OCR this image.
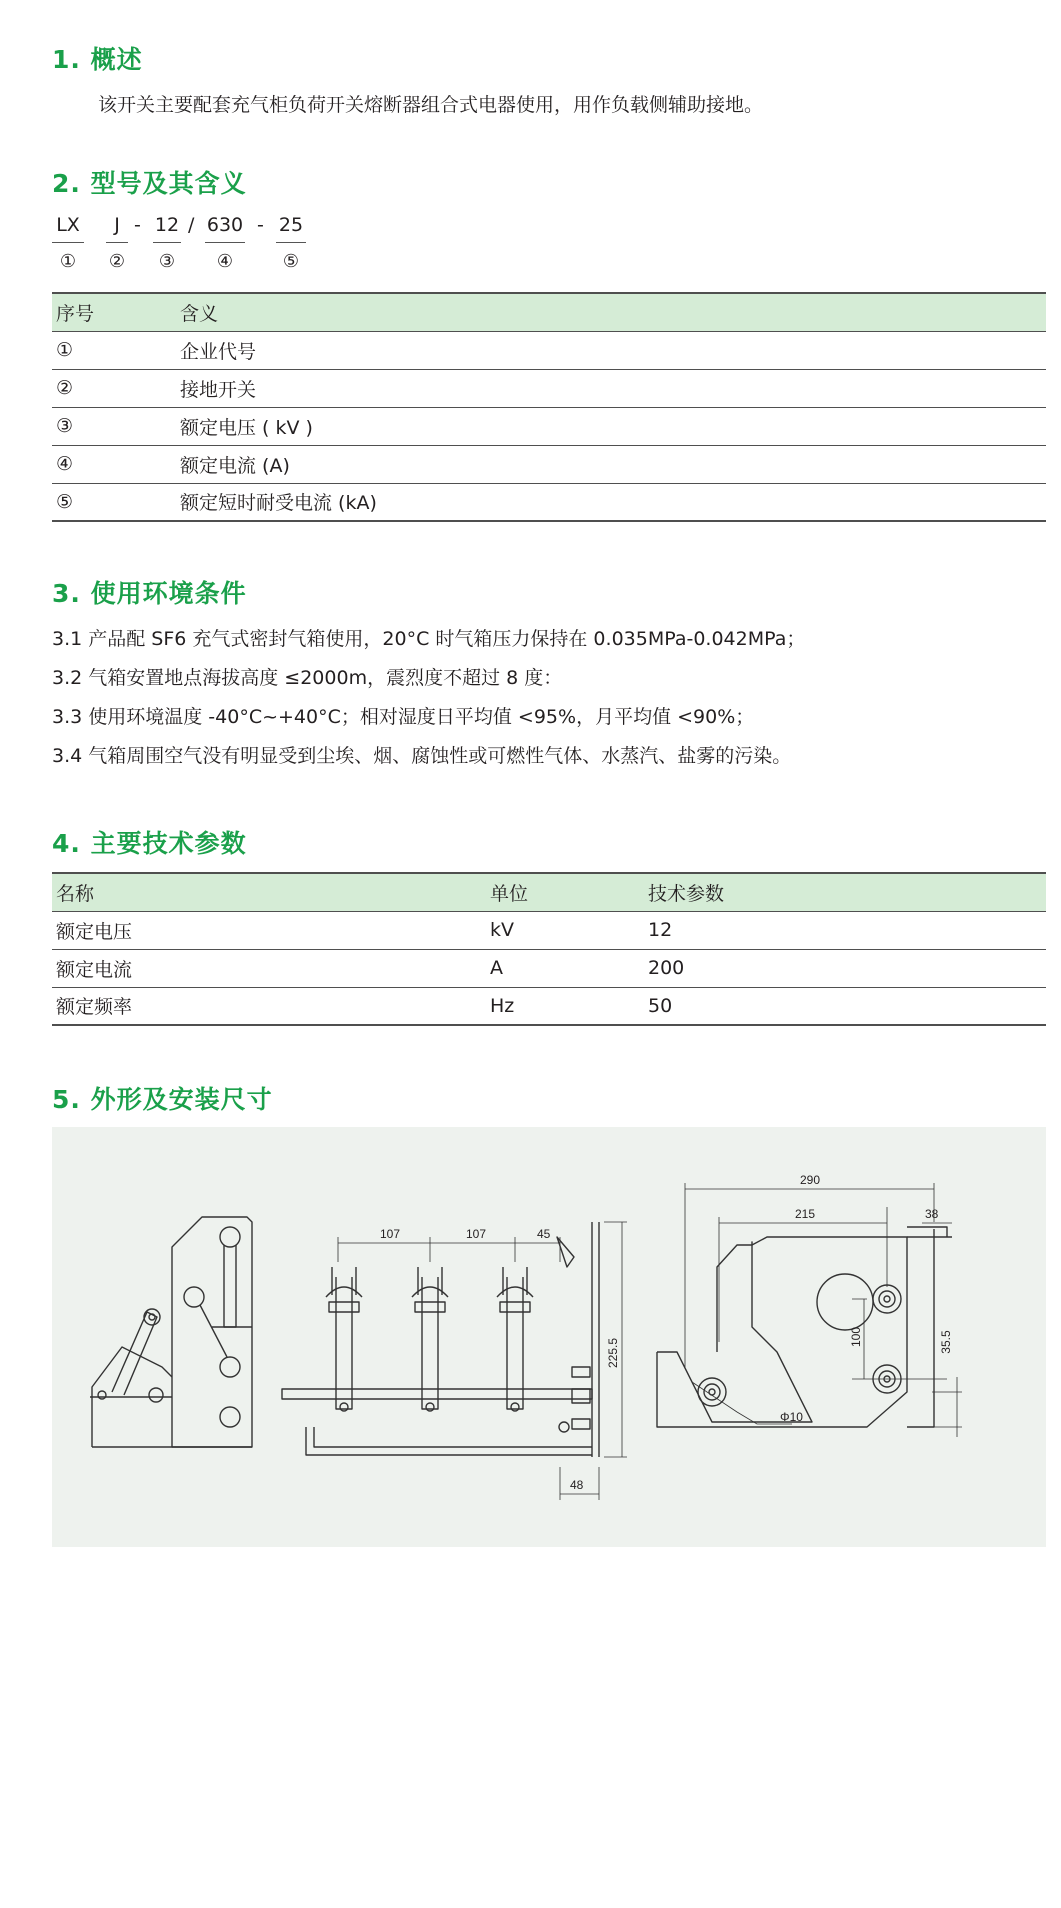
1. 概述
该开关主要配套充气柜负荷开关熔断器组合式电器使用，用作负载侧辅助接地。
2. 型号及其含义
LX
①
J
②
- 12
③
/ 630
④
- 25
⑤
序号	含义
①	企业代号
②	接地开关
③	额定电压 ( kV )
④	额定电流 (A)
⑤	额定短时耐受电流 (kA)
3. 使用环境条件
3.1 产品配 SF6 充气式密封气箱使用，20°C 时气箱压力保持在 0.035MPa-0.042MPa；
3.2 气箱安置地点海拔高度 ≤2000m，震烈度不超过 8 度：
3.3 使用环境温度 -40°C~+40°C；相对湿度日平均值 <95%，月平均值 <90%；
3.4 气箱周围空气没有明显受到尘埃、烟、腐蚀性或可燃性气体、水蒸汽、盐雾的污染。
4. 主要技术参数
名称	单位	技术参数
额定电压	kV	12
额定电流	A	200
额定频率	Hz	50
5. 外形及安装尺寸
107	107	45
225.5
48
290
215	38
100	35.5
Φ10
